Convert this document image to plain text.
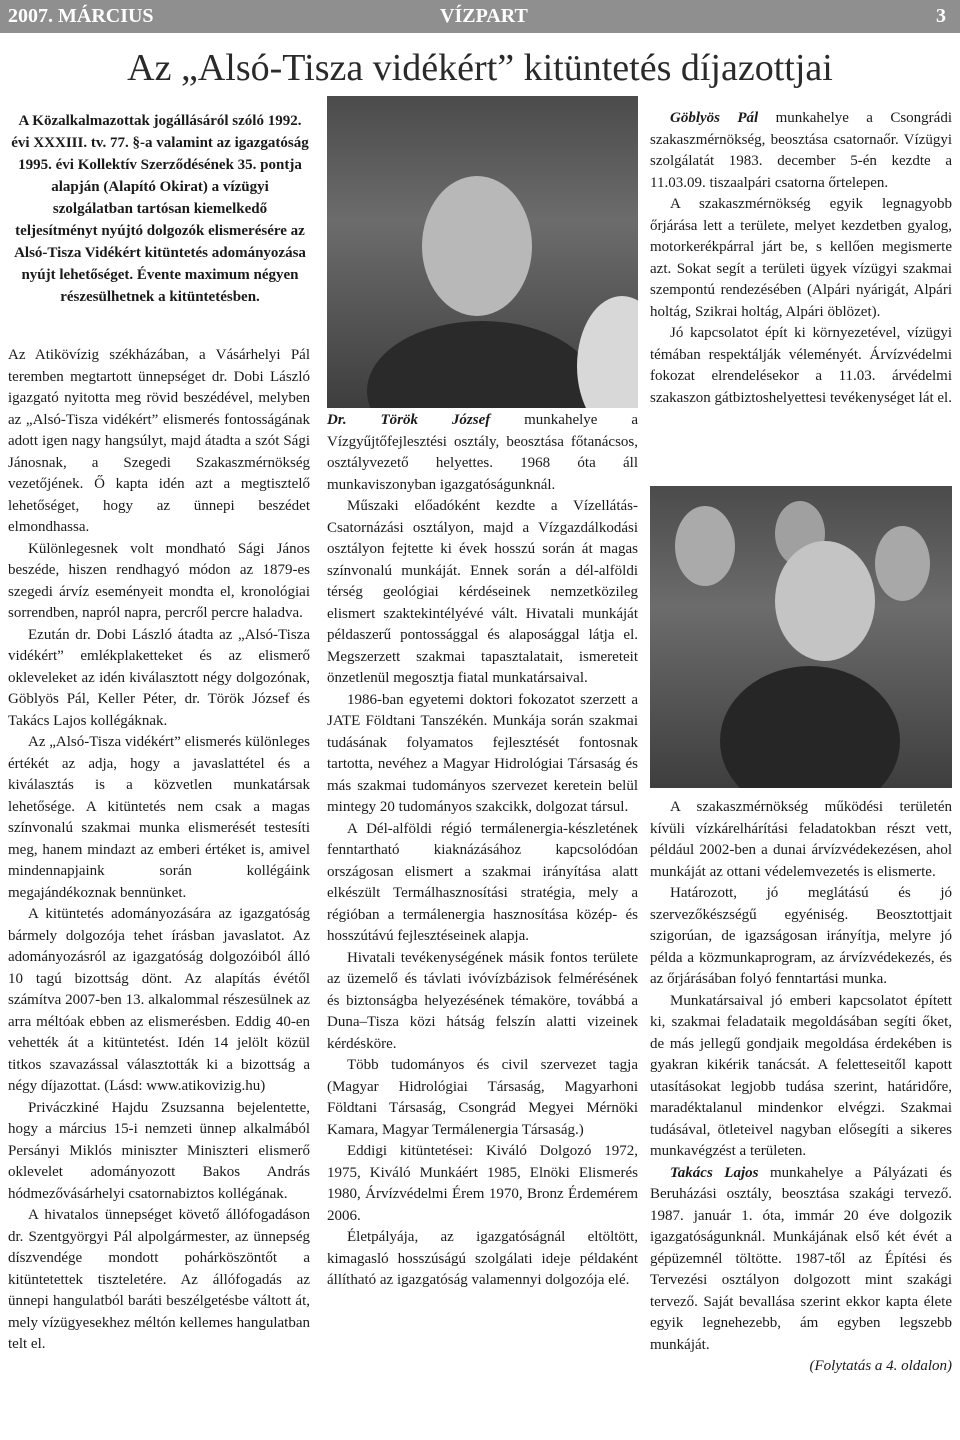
2007. MÁRCIUS	VÍZPART	3
Az „Alsó-Tisza vidékért” kitüntetés díjazottjai
A Közalkalmazottak jogállásáról szóló 1992. évi XXXIII. tv. 77. §-a valamint az igazgatóság 1995. évi Kollektív Szerződésének 35. pontja alapján (Alapító Okirat) a vízügyi szolgálatban tartósan kiemelkedő teljesítményt nyújtó dolgozók elismerésére az Alsó-Tisza Vidékért kitüntetés adományozása nyújt lehetőséget. Évente maximum négyen részesülhetnek a kitüntetésben.

Az Atikövízig székházában, a Vásárhelyi Pál teremben megtartott ünnepséget dr. Dobi László igazgató nyitotta meg rövid beszédével, melyben az „Alsó-Tisza vidékért” elismerés fontosságának adott igen nagy hangsúlyt, majd átadta a szót Sági Jánosnak, a Szegedi Szakaszmérnökség vezetőjének. Ő kapta idén azt a megtisztelő lehetőséget, hogy az ünnepi beszédet elmondhassa.

Különlegesnek volt mondható Sági János beszéde, hiszen rendhagyó módon az 1879-es szegedi árvíz eseményeit mondta el, kronológiai sorrendben, napról napra, percről percre haladva.

Ezután dr. Dobi László átadta az „Alsó-Tisza vidékért” emlékplaketteket és az elismerő okleveleket az idén kiválasztott négy dolgozónak, Göblyös Pál, Keller Péter, dr. Török József és Takács Lajos kollégáknak.

Az „Alsó-Tisza vidékért” elismerés különleges értékét az adja, hogy a javaslattétel és a kiválasztás is a közvetlen munkatársak lehetősége. A kitüntetés nem csak a magas színvonalú szakmai munka elismerését testesíti meg, hanem mindazt az emberi értéket is, amivel mindennapjaink során kollégáink megajándékoznak bennünket.

A kitüntetés adományozására az igazgatóság bármely dolgozója tehet írásban javaslatot. Az adományozásról az igazgatóság dolgozóiból álló 10 tagú bizottság dönt. Az alapítás évétől számítva 2007-ben 13. alkalommal részesülnek az arra méltóak ebben az elismerésben. Eddig 40-en vehették át a kitüntetést. Idén 14 jelölt közül titkos szavazással választották ki a bizottság a négy díjazottat. (Lásd: www.atikovizig.hu)

Priváczkiné Hajdu Zsuzsanna bejelentette, hogy a március 15-i nemzeti ünnep alkalmából Persányi Miklós miniszter Miniszteri elismerő oklevelet adományozott Bakos András hódmezővásárhelyi csatornabiztos kollégának.

A hivatalos ünnepséget követő állófogadáson dr. Szentgyörgyi Pál alpolgármester, az ünnepség díszvendége mondott pohárköszöntőt a kitüntetettek tiszteletére. Az állófogadás az ünnepi hangulatból baráti beszélgetésbe váltott át, mely vízügyesekhez méltón kellemes hangulatban telt el.

Dr. Török József munkahelye a Vízgyűjtőfejlesztési osztály, beosztása főtanácsos, osztályvezető helyettes. 1968 óta áll munkaviszonyban igazgatóságunknál.

Műszaki előadóként kezdte a Vízellátás-Csatornázási osztályon, majd a Vízgazdálkodási osztályon fejtette ki évek hosszú során át magas színvonalú munkáját. Ennek során a dél-alföldi térség geológiai kérdéseinek nemzetközileg elismert szaktekintélyévé vált. Hivatali munkáját példaszerű pontossággal és alaposággal látja el. Megszerzett szakmai tapasztalatait, ismereteit önzetlenül megosztja fiatal munkatársaival.

1986-ban egyetemi doktori fokozatot szerzett a JATE Földtani Tanszékén. Munkája során szakmai tudásának folyamatos fejlesztését fontosnak tartotta, nevéhez a Magyar Hidrológiai Társaság és más szakmai tudományos szervezet keretein belül mintegy 20 tudományos szakcikk, dolgozat társul.

A Dél-alföldi régió termálenergia-készletének fenntartható kiaknázásához kapcsolódóan országosan elismert a szakmai irányítása alatt elkészült Termálhasznosítási stratégia, mely a régióban a termálenergia hasznosítása közép- és hosszútávú fejlesztéseinek alapja.

Hivatali tevékenységének másik fontos területe az üzemelő és távlati ivóvízbázisok felmérésének és biztonságba helyezésének témaköre, továbbá a Duna–Tisza közi hátság felszín alatti vizeinek kérdésköre.

Több tudományos és civil szervezet tagja (Magyar Hidrológiai Társaság, Magyarhoni Földtani Társaság, Csongrád Megyei Mérnöki Kamara, Magyar Termálenergia Társaság.)

Eddigi kitüntetései: Kiváló Dolgozó 1972, 1975, Kiváló Munkáért 1985, Elnöki Elismerés 1980, Árvízvédelmi Érem 1970, Bronz Érdemérem 2006.

Életpályája, az igazgatóságnál eltöltött, kimagasló hosszúságú szolgálati ideje példaként állítható az igazgatóság valamennyi dolgozója elé.

Göblyös Pál munkahelye a Csongrádi szakaszmérnökség, beosztása csatornaőr. Vízügyi szolgálatát 1983. december 5-én kezdte a 11.03.09. tiszaalpári csatorna őrtelepen.

A szakaszmérnökség egyik legnagyobb őrjárása lett a területe, melyet kezdetben gyalog, motorkerékpárral járt be, s kellően megismerte azt. Sokat segít a területi ügyek vízügyi szakmai szempontú rendezésében (Alpári nyárigát, Alpári holtág, Szikrai holtág, Alpári öblözet).

Jó kapcsolatot épít ki környezetével, vízügyi témában respektálják véleményét. Árvízvédelmi fokozat elrendelésekor a 11.03. árvédelmi szakaszon gátbiztoshelyettesi tevékenységet lát el.

A szakaszmérnökség működési területén kívüli vízkárelhárítási feladatokban részt vett, például 2002-ben a dunai árvízvédekezésen, ahol munkáját az ottani védelemvezetés is elismerte.

Határozott, jó meglátású és jó szervezőkészségű egyéniség. Beosztottjait szigorúan, de igazságosan irányítja, melyre jó példa a közmunkaprogram, az árvízvédekezés, és az őrjárásában folyó fenntartási munka.

Munkatársaival jó emberi kapcsolatot épített ki, szakmai feladataik megoldásában segíti őket, de más jellegű gondjaik megoldása érdekében is gyakran kikérik tanácsát. A feletteseitől kapott utasításokat legjobb tudása szerint, határidőre, maradéktalanul mindenkor elvégzi. Szakmai tudásával, ötleteivel nagyban elősegíti a sikeres munkavégzést a területen.

Takács Lajos munkahelye a Pályázati és Beruházási osztály, beosztása szakági tervező. 1987. január 1. óta, immár 20 éve dolgozik igazgatóságunknál. Munkájának első két évét a gépüzemnél töltötte. 1987-től az Építési és Tervezési osztályon dolgozott mint szakági tervező. Saját bevallása szerint ekkor kapta élete egyik legnehezebb, ám egyben legszebb munkáját.

(Folytatás a 4. oldalon)
